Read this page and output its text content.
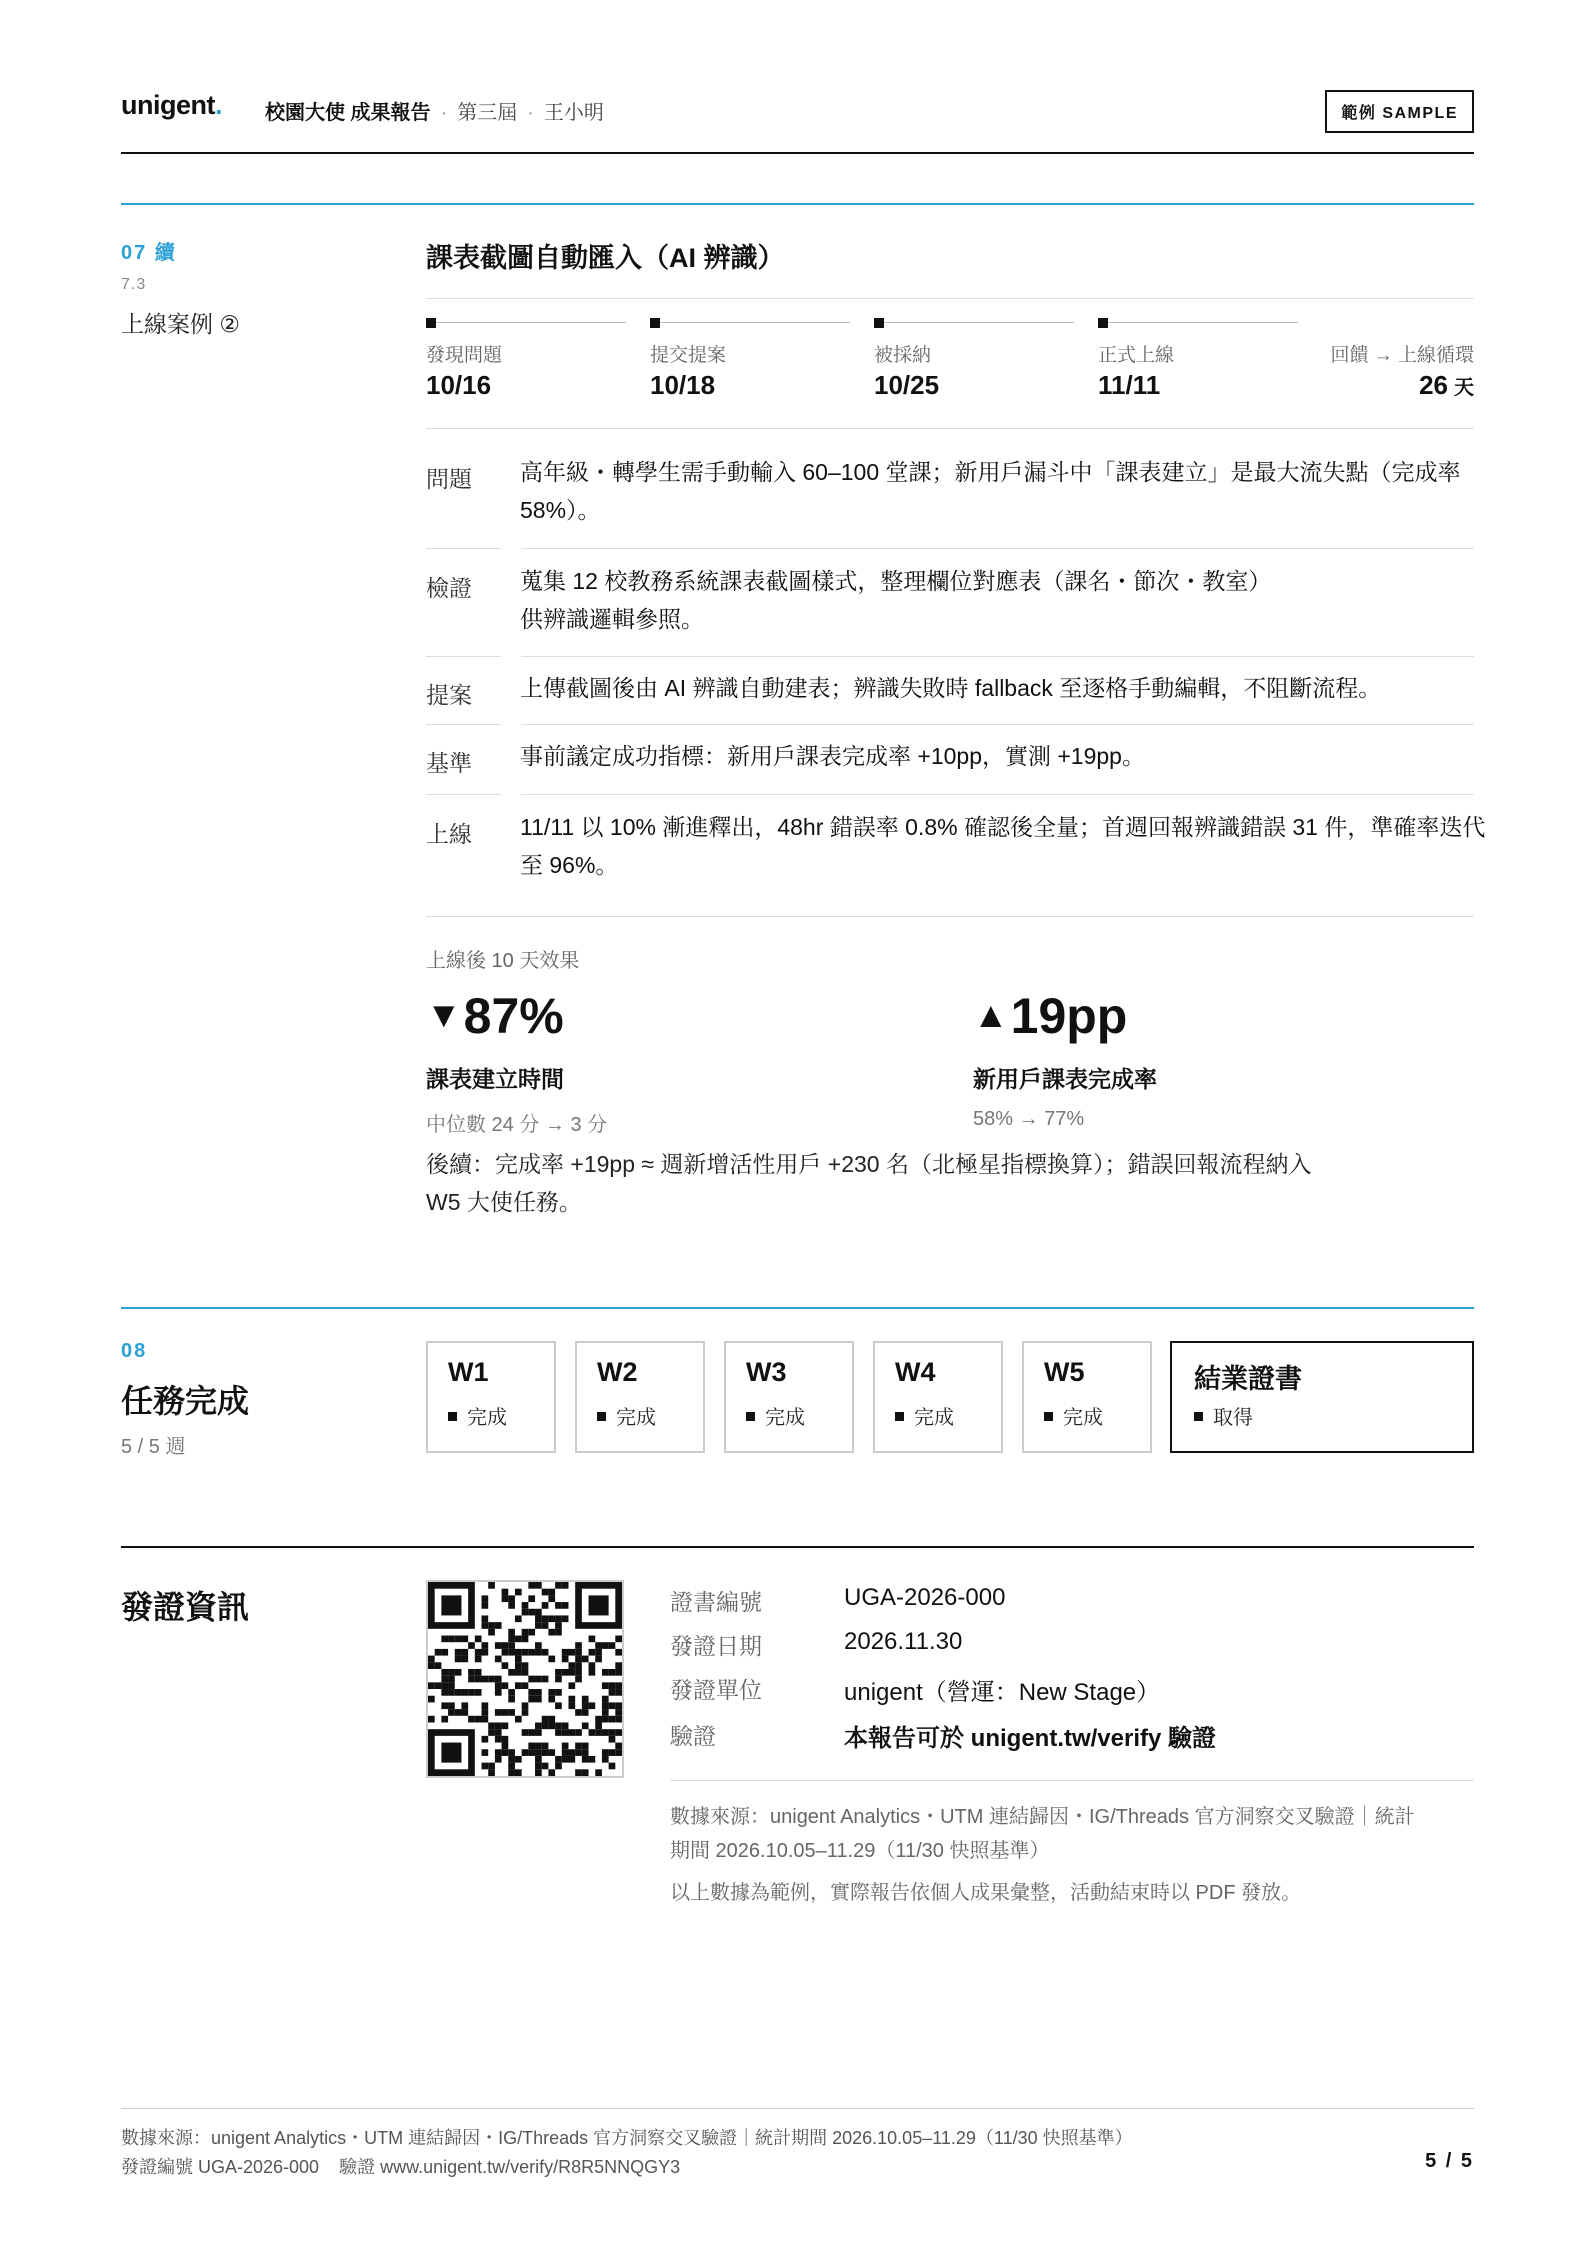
unigent. 校園大使 成果報告 · 第三屆 · 王小明	範例 SAMPLE
07 續
7.3
上線案例 ②
課表截圖自動匯入（AI 辨識）
發現問題
10/16
提交提案
10/18
被採納
10/25
正式上線
11/11
回饋 → 上線循環
26 天
問題 高年級・轉學生需手動輸入 60–100 堂課；新用戶漏斗中「課表建立」是最大流失點（完成率 58%）。
檢證 蒐集 12 校教務系統課表截圖樣式，整理欄位對應表（課名・節次・教室）
供辨識邏輯參照。
提案 上傳截圖後由 AI 辨識自動建表；辨識失敗時 fallback 至逐格手動編輯，不阻斷流程。
基準 事前議定成功指標：新用戶課表完成率 +10pp，實測 +19pp。
上線 11/11 以 10% 漸進釋出，48hr 錯誤率 0.8% 確認後全量；首週回報辨識錯誤 31 件，準確率迭代至 96%。
上線後 10 天效果
▼87%
課表建立時間
中位數 24 分 → 3 分
▲19pp
新用戶課表完成率
58% → 77%
後續：完成率 +19pp ≈ 週新增活性用戶 +230 名（北極星指標換算）；錯誤回報流程納入
W5 大使任務。
08
任務完成
5 / 5 週
W1
完成
W2
完成
W3
完成
W4
完成
W5
完成
結業證書
取得
發證資訊	證書編號	UGA-2026-000
發證日期	2026.11.30
發證單位	unigent（營運：New Stage）
驗證	本報告可於 unigent.tw/verify 驗證
數據來源：unigent Analytics・UTM 連結歸因・IG/Threads 官方洞察交叉驗證｜統計
期間 2026.10.05–11.29（11/30 快照基準）
以上數據為範例，實際報告依個人成果彙整，活動結束時以 PDF 發放。
數據來源：unigent Analytics・UTM 連結歸因・IG/Threads 官方洞察交叉驗證｜統計期間 2026.10.05–11.29（11/30 快照基準）
發證編號 UGA-2026-000 驗證 www.unigent.tw/verify/R8R5NNQGY3	5 / 5
